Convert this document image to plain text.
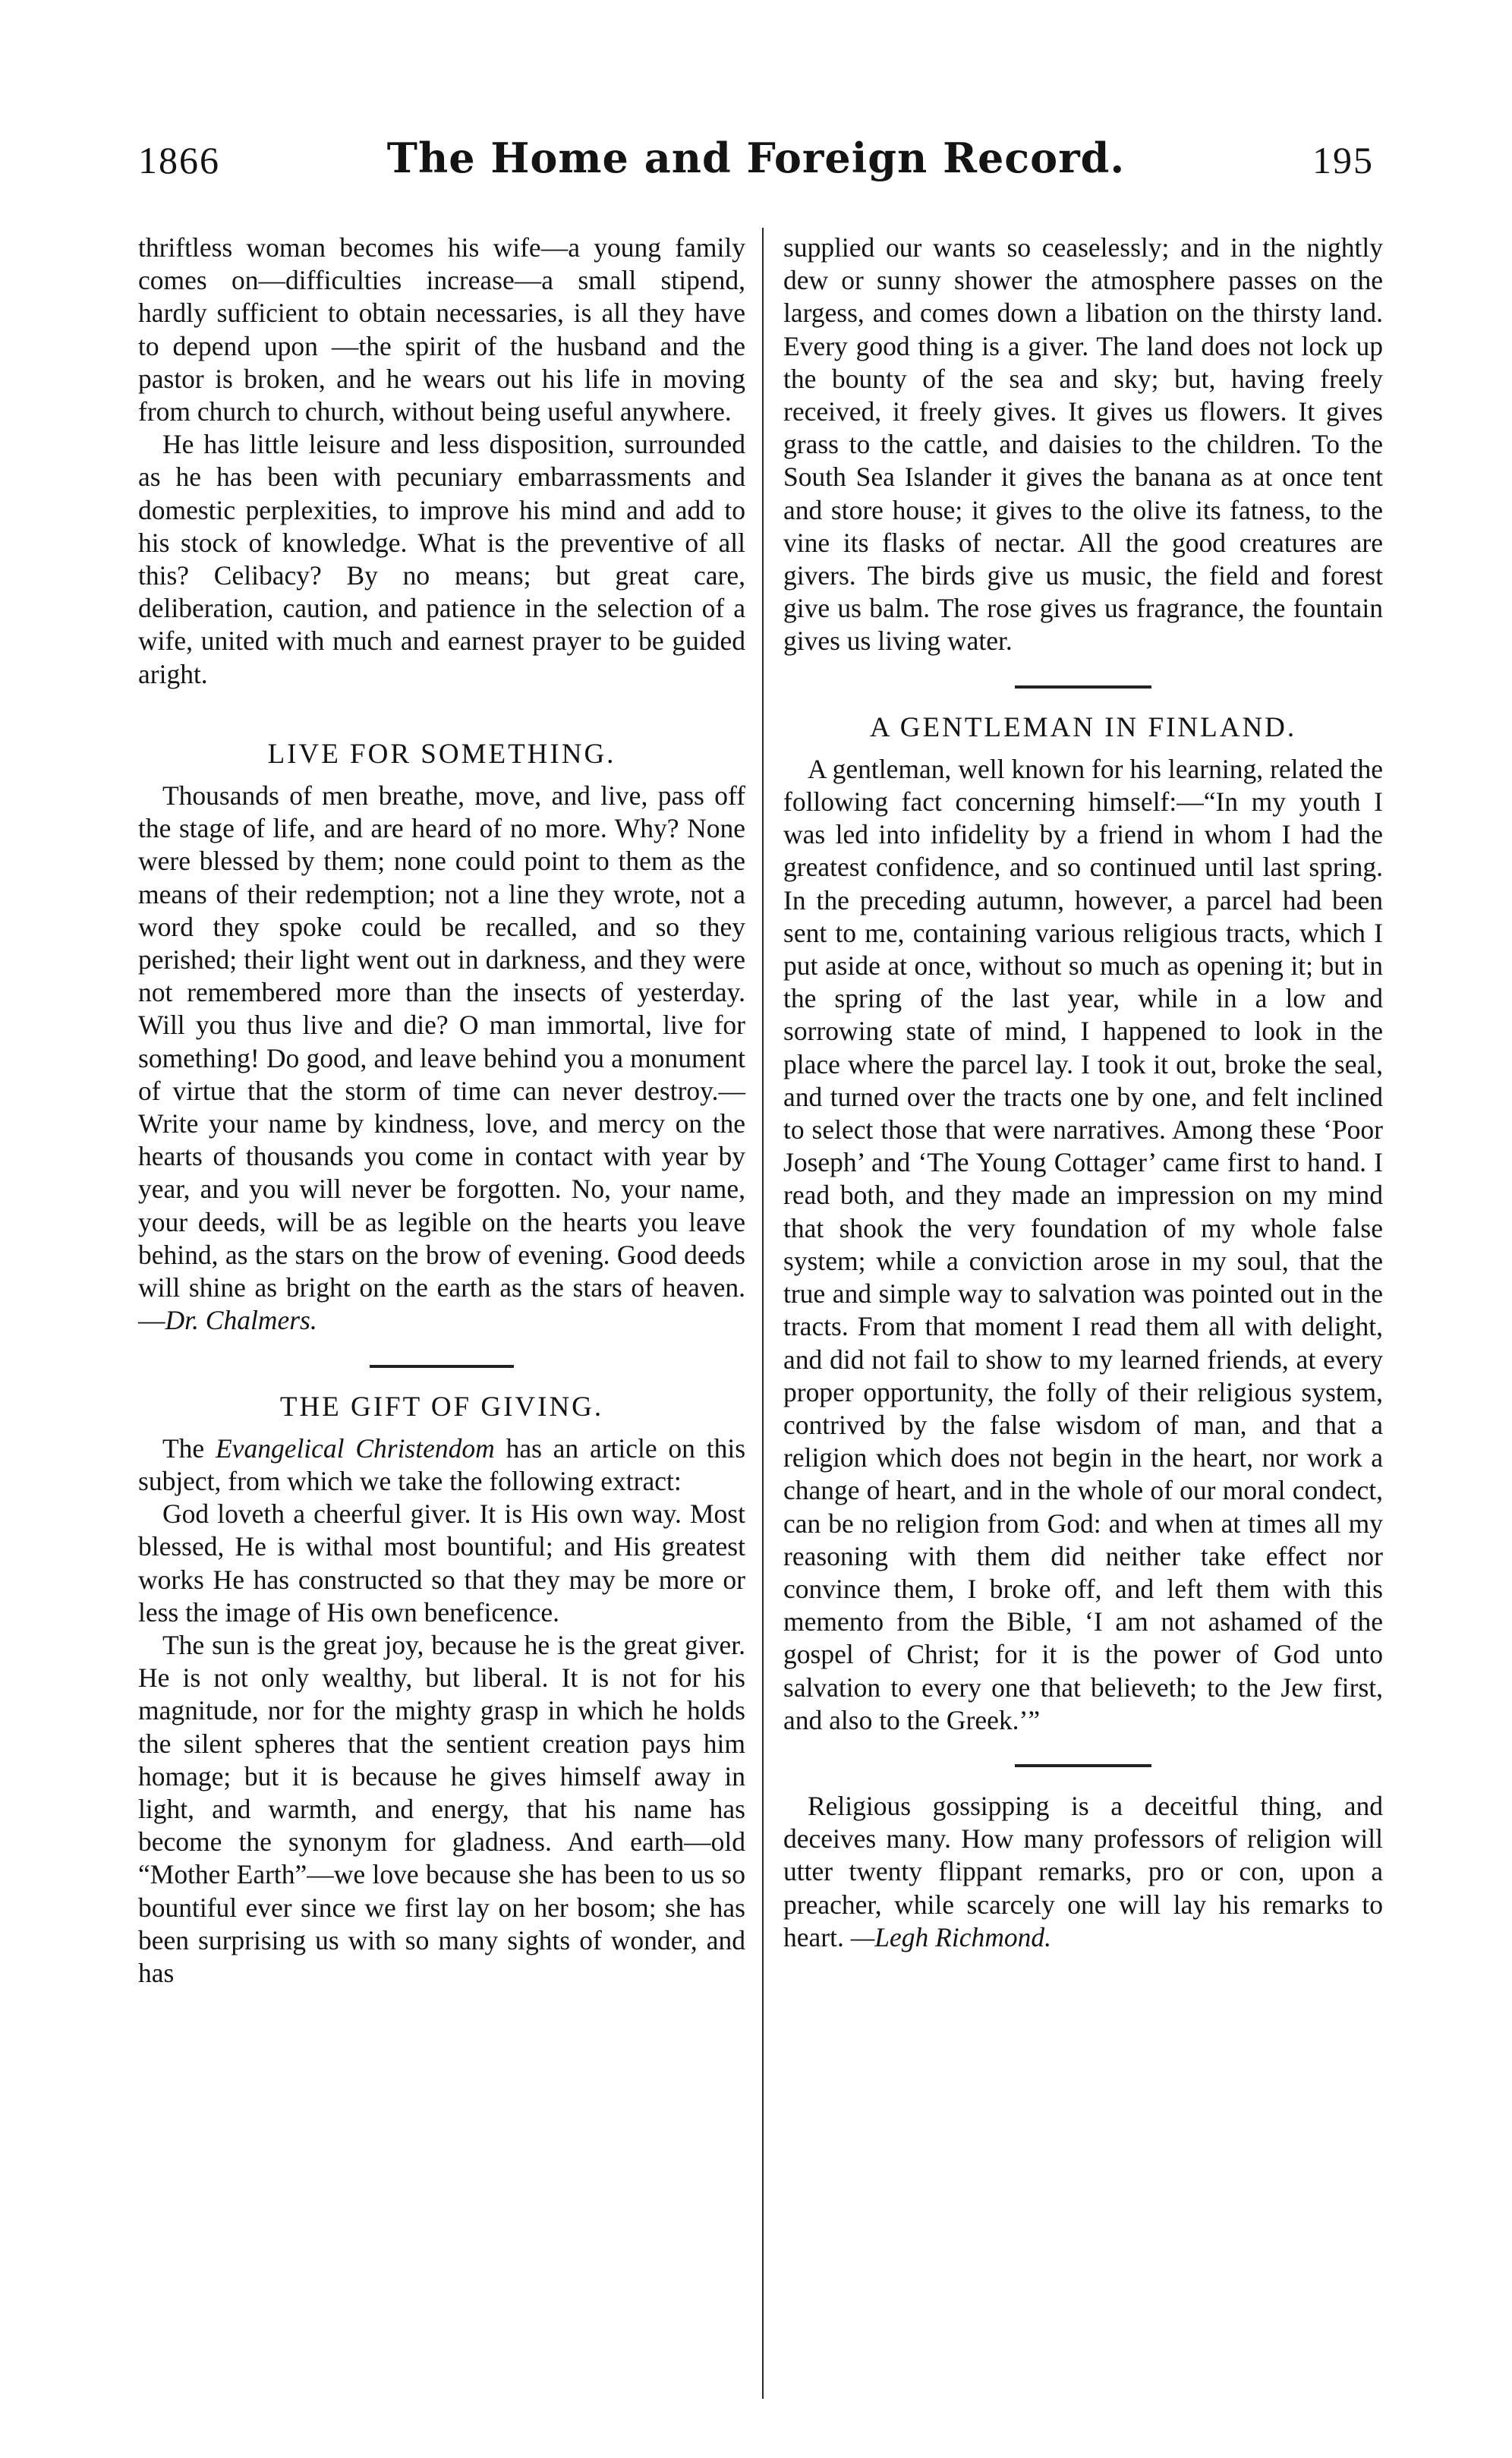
1866	The Home and Foreign Record.	195

thriftless woman becomes his wife—a young family comes on—difficulties increase—a small stipend, hardly sufficient to obtain necessaries, is all they have to depend upon —the spirit of the husband and the pastor is broken, and he wears out his life in moving from church to church, without being useful anywhere.

He has little leisure and less disposition, surrounded as he has been with pecuniary embarrassments and domestic perplexities, to improve his mind and add to his stock of knowledge. What is the preventive of all this? Celibacy? By no means; but great care, deliberation, caution, and patience in the selection of a wife, united with much and earnest prayer to be guided aright.

LIVE FOR SOMETHING.

Thousands of men breathe, move, and live, pass off the stage of life, and are heard of no more. Why? None were blessed by them; none could point to them as the means of their redemption; not a line they wrote, not a word they spoke could be recalled, and so they perished; their light went out in darkness, and they were not remembered more than the insects of yesterday. Will you thus live and die? O man immortal, live for something! Do good, and leave behind you a monument of virtue that the storm of time can never destroy.— Write your name by kindness, love, and mercy on the hearts of thousands you come in contact with year by year, and you will never be forgotten. No, your name, your deeds, will be as legible on the hearts you leave behind, as the stars on the brow of evening. Good deeds will shine as bright on the earth as the stars of heaven.—Dr. Chalmers.

THE GIFT OF GIVING.

The Evangelical Christendom has an article on this subject, from which we take the following extract:

God loveth a cheerful giver. It is His own way. Most blessed, He is withal most bountiful; and His greatest works He has constructed so that they may be more or less the image of His own beneficence.

The sun is the great joy, because he is the great giver. He is not only wealthy, but liberal. It is not for his magnitude, nor for the mighty grasp in which he holds the silent spheres that the sentient creation pays him homage; but it is because he gives himself away in light, and warmth, and energy, that his name has become the synonym for gladness. And earth—old “Mother Earth”—we love because she has been to us so bountiful ever since we first lay on her bosom; she has been surprising us with so many sights of wonder, and has

supplied our wants so ceaselessly; and in the nightly dew or sunny shower the atmosphere passes on the largess, and comes down a libation on the thirsty land. Every good thing is a giver. The land does not lock up the bounty of the sea and sky; but, having freely received, it freely gives. It gives us flowers. It gives grass to the cattle, and daisies to the children. To the South Sea Islander it gives the banana as at once tent and store house; it gives to the olive its fatness, to the vine its flasks of nectar. All the good creatures are givers. The birds give us music, the field and forest give us balm. The rose gives us fragrance, the fountain gives us living water.

A GENTLEMAN IN FINLAND.

A gentleman, well known for his learning, related the following fact concerning himself:—“In my youth I was led into infidelity by a friend in whom I had the greatest confidence, and so continued until last spring. In the preceding autumn, however, a parcel had been sent to me, containing various religious tracts, which I put aside at once, without so much as opening it; but in the spring of the last year, while in a low and sorrowing state of mind, I happened to look in the place where the parcel lay. I took it out, broke the seal, and turned over the tracts one by one, and felt inclined to select those that were narratives. Among these ‘Poor Joseph’ and ‘The Young Cottager’ came first to hand. I read both, and they made an impression on my mind that shook the very foundation of my whole false system; while a conviction arose in my soul, that the true and simple way to salvation was pointed out in the tracts. From that moment I read them all with delight, and did not fail to show to my learned friends, at every proper opportunity, the folly of their religious system, contrived by the false wisdom of man, and that a religion which does not begin in the heart, nor work a change of heart, and in the whole of our moral condect, can be no religion from God: and when at times all my reasoning with them did neither take effect nor convince them, I broke off, and left them with this memento from the Bible, ‘I am not ashamed of the gospel of Christ; for it is the power of God unto salvation to every one that believeth; to the Jew first, and also to the Greek.’”

Religious gossipping is a deceitful thing, and deceives many. How many professors of religion will utter twenty flippant remarks, pro or con, upon a preacher, while scarcely one will lay his remarks to heart. —Legh Richmond.
